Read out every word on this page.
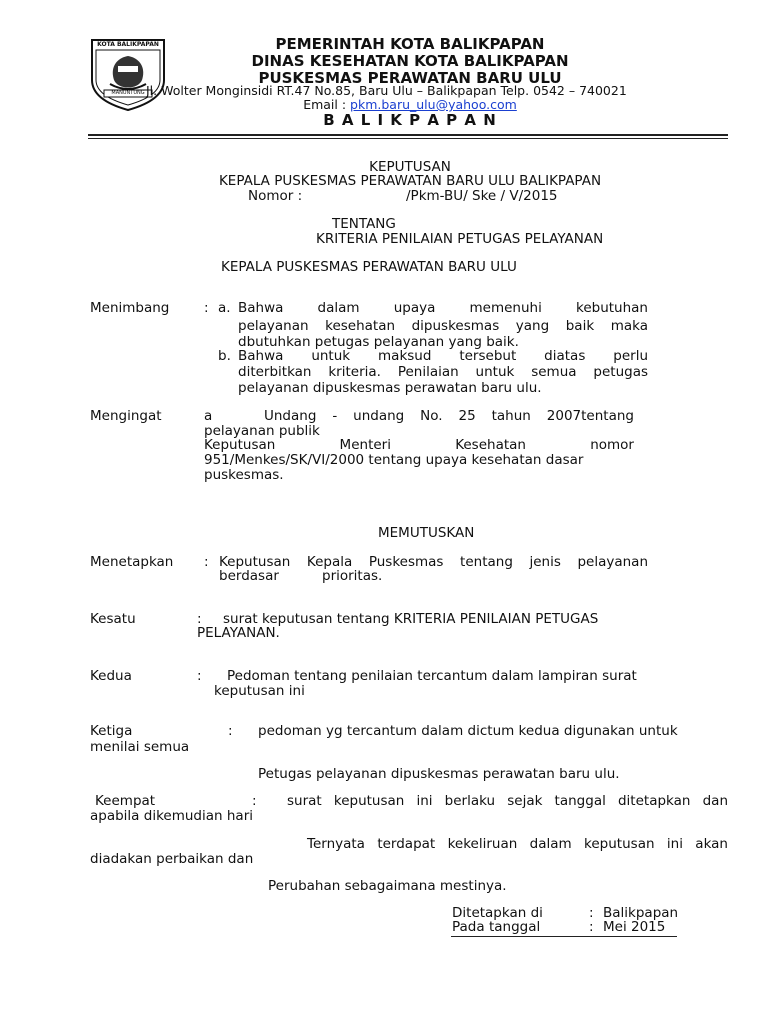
KOTA BALIKPAPAN
MANUNTUNG
PEMERINTAH KOTA BALIKPAPAN
DINAS KESEHATAN KOTA BALIKPAPAN
PUSKESMAS PERAWATAN BARU ULU
Jl. Wolter Monginsidi RT.47 No.85, Baru Ulu – Balikpapan Telp. 0542 – 740021
Email : pkm.baru_ulu@yahoo.com
B A L I K P A P A N
KEPUTUSAN
KEPALA PUSKESMAS PERAWATAN BARU ULU BALIKPAPAN
Nomor :	/Pkm-BU/ Ske / V/2015
TENTANG
KRITERIA PENILAIAN PETUGAS PELAYANAN
KEPALA PUSKESMAS PERAWATAN BARU ULU
Menimbang	: a. Bahwa dalam upaya memenuhi kebutuhan
pelayanan kesehatan dipuskesmas yang baik maka
dbutuhkan petugas pelayanan yang baik.
b. Bahwa untuk maksud tersebut diatas perlu
diterbitkan kriteria. Penilaian untuk semua petugas
pelayanan dipuskesmas perawatan baru ulu.
Mengingat	a	Undang - undang No. 25 tahun 2007tentang
pelayanan publik
Keputusan Menteri Kesehatan nomor
951/Menkes/SK/VI/2000 tentang upaya kesehatan dasar
puskesmas.
MEMUTUSKAN
Menetapkan : Keputusan Kepala Puskesmas tentang jenis pelayanan
berdasar	prioritas.
Kesatu	: surat keputusan tentang KRITERIA PENILAIAN PETUGAS
PELAYANAN.
Kedua	: Pedoman tentang penilaian tercantum dalam lampiran surat
keputusan ini
Ketiga	: pedoman yg tercantum dalam dictum kedua digunakan untuk
menilai semua
Petugas pelayanan dipuskesmas perawatan baru ulu.
Keempat	: surat keputusan ini berlaku sejak tanggal ditetapkan dan
apabila dikemudian hari
Ternyata terdapat kekeliruan dalam keputusan ini akan
diadakan perbaikan dan
Perubahan sebagaimana mestinya.
Ditetapkan di	: Balikpapan
Pada tanggal	: Mei 2015
